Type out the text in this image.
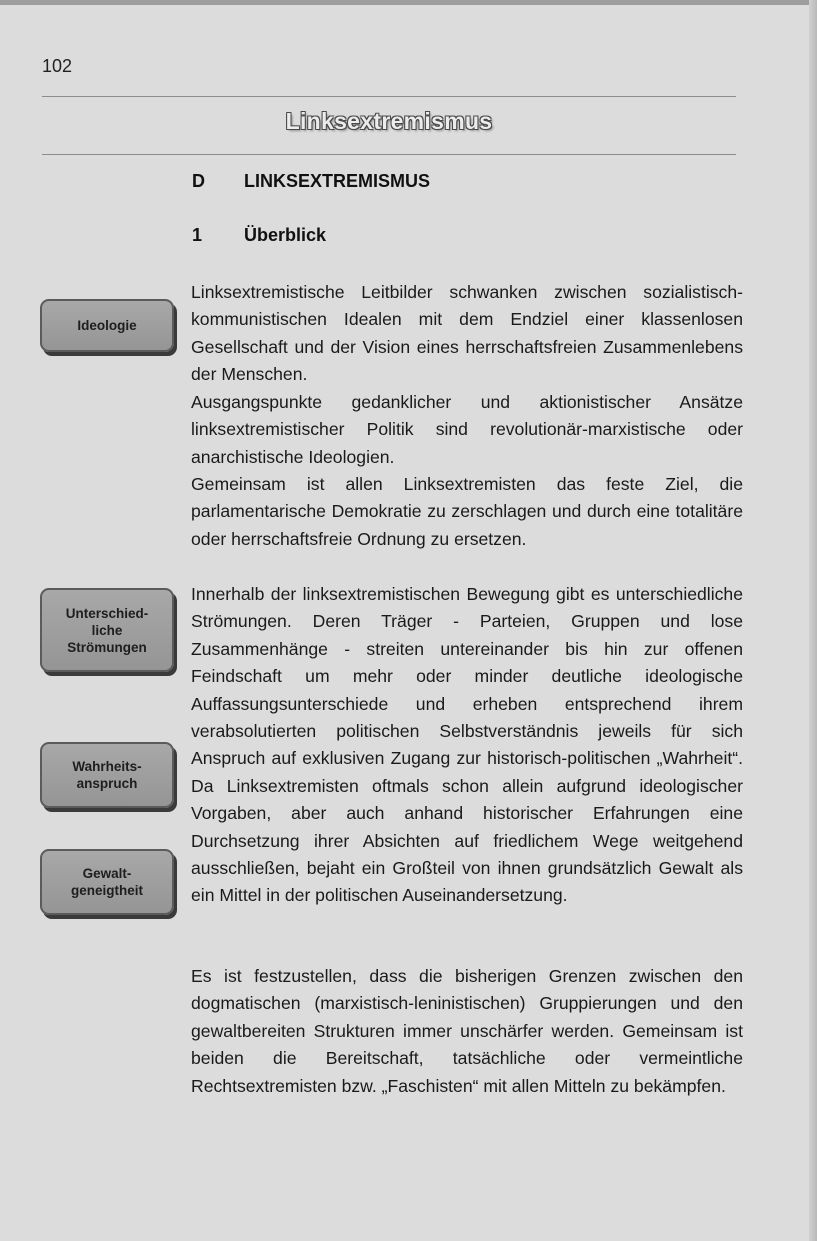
102
Linksextremismus
D LINKSEXTREMISMUS
1 Überblick
Ideologie
Unterschied-
liche
Strömungen
Wahrheits-
anspruch
Gewalt-
geneigtheit

Linksextremistische Leitbilder schwanken zwischen sozialistisch-kommunistischen Idealen mit dem Endziel einer klassenlosen Gesellschaft und der Vision eines herrschaftsfreien Zusammenlebens der Menschen.

Ausgangspunkte gedanklicher und aktionistischer Ansätze linksextremistischer Politik sind revolutionär-marxistische oder anarchistische Ideologien.

Gemeinsam ist allen Linksextremisten das feste Ziel, die parlamentarische Demokratie zu zerschlagen und durch eine totalitäre oder herrschaftsfreie Ordnung zu ersetzen.

Innerhalb der linksextremistischen Bewegung gibt es unterschiedliche Strömungen. Deren Träger - Parteien, Gruppen und lose Zusammenhänge - streiten untereinander bis hin zur offenen Feindschaft um mehr oder minder deutliche ideologische Auffassungsunterschiede und erheben entsprechend ihrem verabsolutierten politischen Selbstverständnis jeweils für sich Anspruch auf exklusiven Zugang zur historisch-politischen „Wahrheit“. Da Linksextremisten oftmals schon allein aufgrund ideologischer Vorgaben, aber auch anhand historischer Erfahrungen eine Durchsetzung ihrer Absichten auf friedlichem Wege weitgehend ausschließen, bejaht ein Großteil von ihnen grundsätzlich Gewalt als ein Mittel in der politischen Auseinandersetzung.

Es ist festzustellen, dass die bisherigen Grenzen zwischen den dogmatischen (marxistisch-leninistischen) Gruppierungen und den gewaltbereiten Strukturen immer unschärfer werden. Gemeinsam ist beiden die Bereitschaft, tatsächliche oder vermeintliche Rechtsextremisten bzw. „Faschisten“ mit allen Mitteln zu bekämpfen.
